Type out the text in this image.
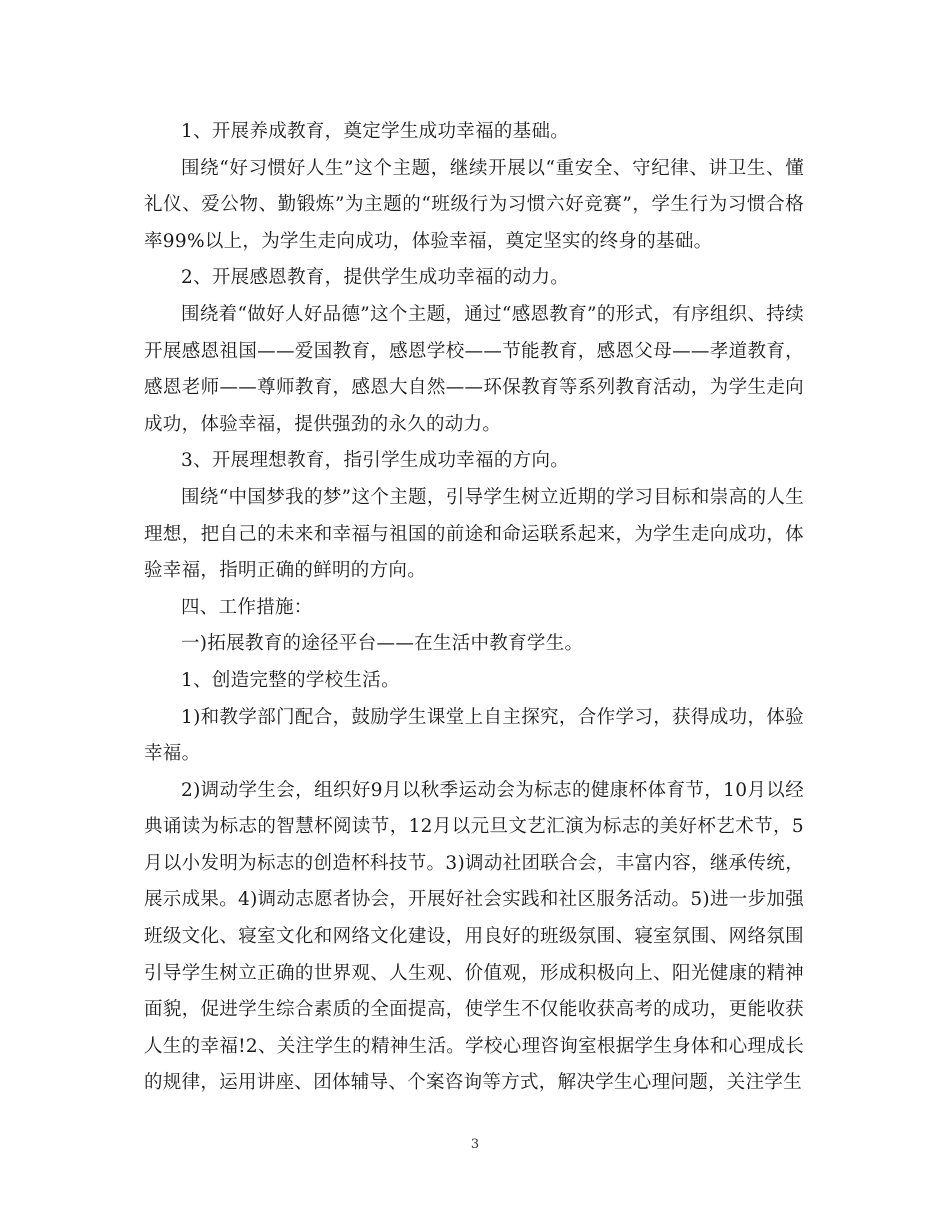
1、开展养成教育，奠定学生成功幸福的基础。

围绕“好习惯好人生”这个主题，继续开展以“重安全、守纪律、讲卫生、懂礼仪、爱公物、勤锻炼”为主题的“班级行为习惯六好竞赛”，学生行为习惯合格率99%以上，为学生走向成功，体验幸福，奠定坚实的终身的基础。

2、开展感恩教育，提供学生成功幸福的动力。

围绕着“做好人好品德”这个主题，通过“感恩教育”的形式，有序组织、持续开展感恩祖国——爱国教育，感恩学校——节能教育，感恩父母——孝道教育，感恩老师——尊师教育，感恩大自然——环保教育等系列教育活动，为学生走向成功，体验幸福，提供强劲的永久的动力。

3、开展理想教育，指引学生成功幸福的方向。

围绕“中国梦我的梦”这个主题，引导学生树立近期的学习目标和崇高的人生理想，把自己的未来和幸福与祖国的前途和命运联系起来，为学生走向成功，体验幸福，指明正确的鲜明的方向。

四、工作措施：

一)拓展教育的途径平台——在生活中教育学生。

1、创造完整的学校生活。

1)和教学部门配合，鼓励学生课堂上自主探究，合作学习，获得成功，体验幸福。

2)调动学生会，组织好9月以秋季运动会为标志的健康杯体育节，10月以经典诵读为标志的智慧杯阅读节，12月以元旦文艺汇演为标志的美好杯艺术节，5月以小发明为标志的创造杯科技节。3)调动社团联合会，丰富内容，继承传统，展示成果。4)调动志愿者协会，开展好社会实践和社区服务活动。5)进一步加强班级文化、寝室文化和网络文化建设，用良好的班级氛围、寝室氛围、网络氛围引导学生树立正确的世界观、人生观、价值观，形成积极向上、阳光健康的精神面貌，促进学生综合素质的全面提高，使学生不仅能收获高考的成功，更能收获人生的幸福!2、关注学生的精神生活。学校心理咨询室根据学生身体和心理成长的规律，运用讲座、团体辅导、个案咨询等方式，解决学生心理问题，关注学生

3
